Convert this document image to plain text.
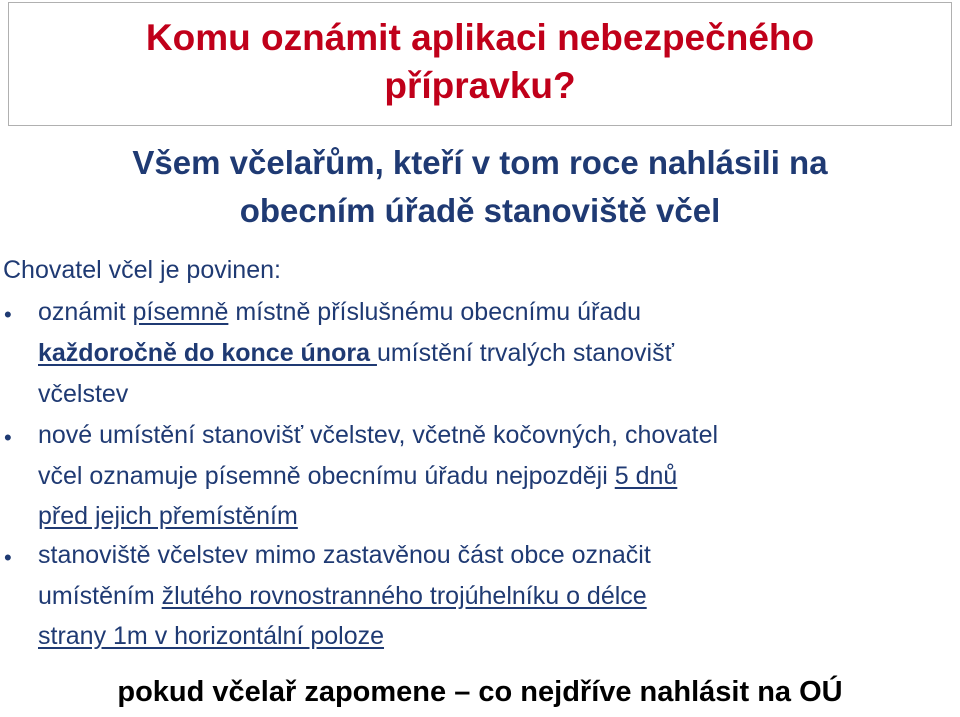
Komu oznámit aplikaci nebezpečného

přípravku?

Všem včelařům, kteří v tom roce nahlásili na

obecním úřadě stanoviště včel

Chovatel včel je povinen:

• oznámit písemně místně příslušnému obecnímu úřadu

každoročně do konce února umístění trvalých stanovišť

včelstev

• nové umístění stanovišť včelstev, včetně kočovných, chovatel

včel oznamuje písemně obecnímu úřadu nejpozději 5 dnů

před jejich přemístěním

• stanoviště včelstev mimo zastavěnou část obce označit

umístěním žlutého rovnostranného trojúhelníku o délce

strany 1m v horizontální poloze

pokud včelař zapomene – co nejdříve nahlásit na OÚ
